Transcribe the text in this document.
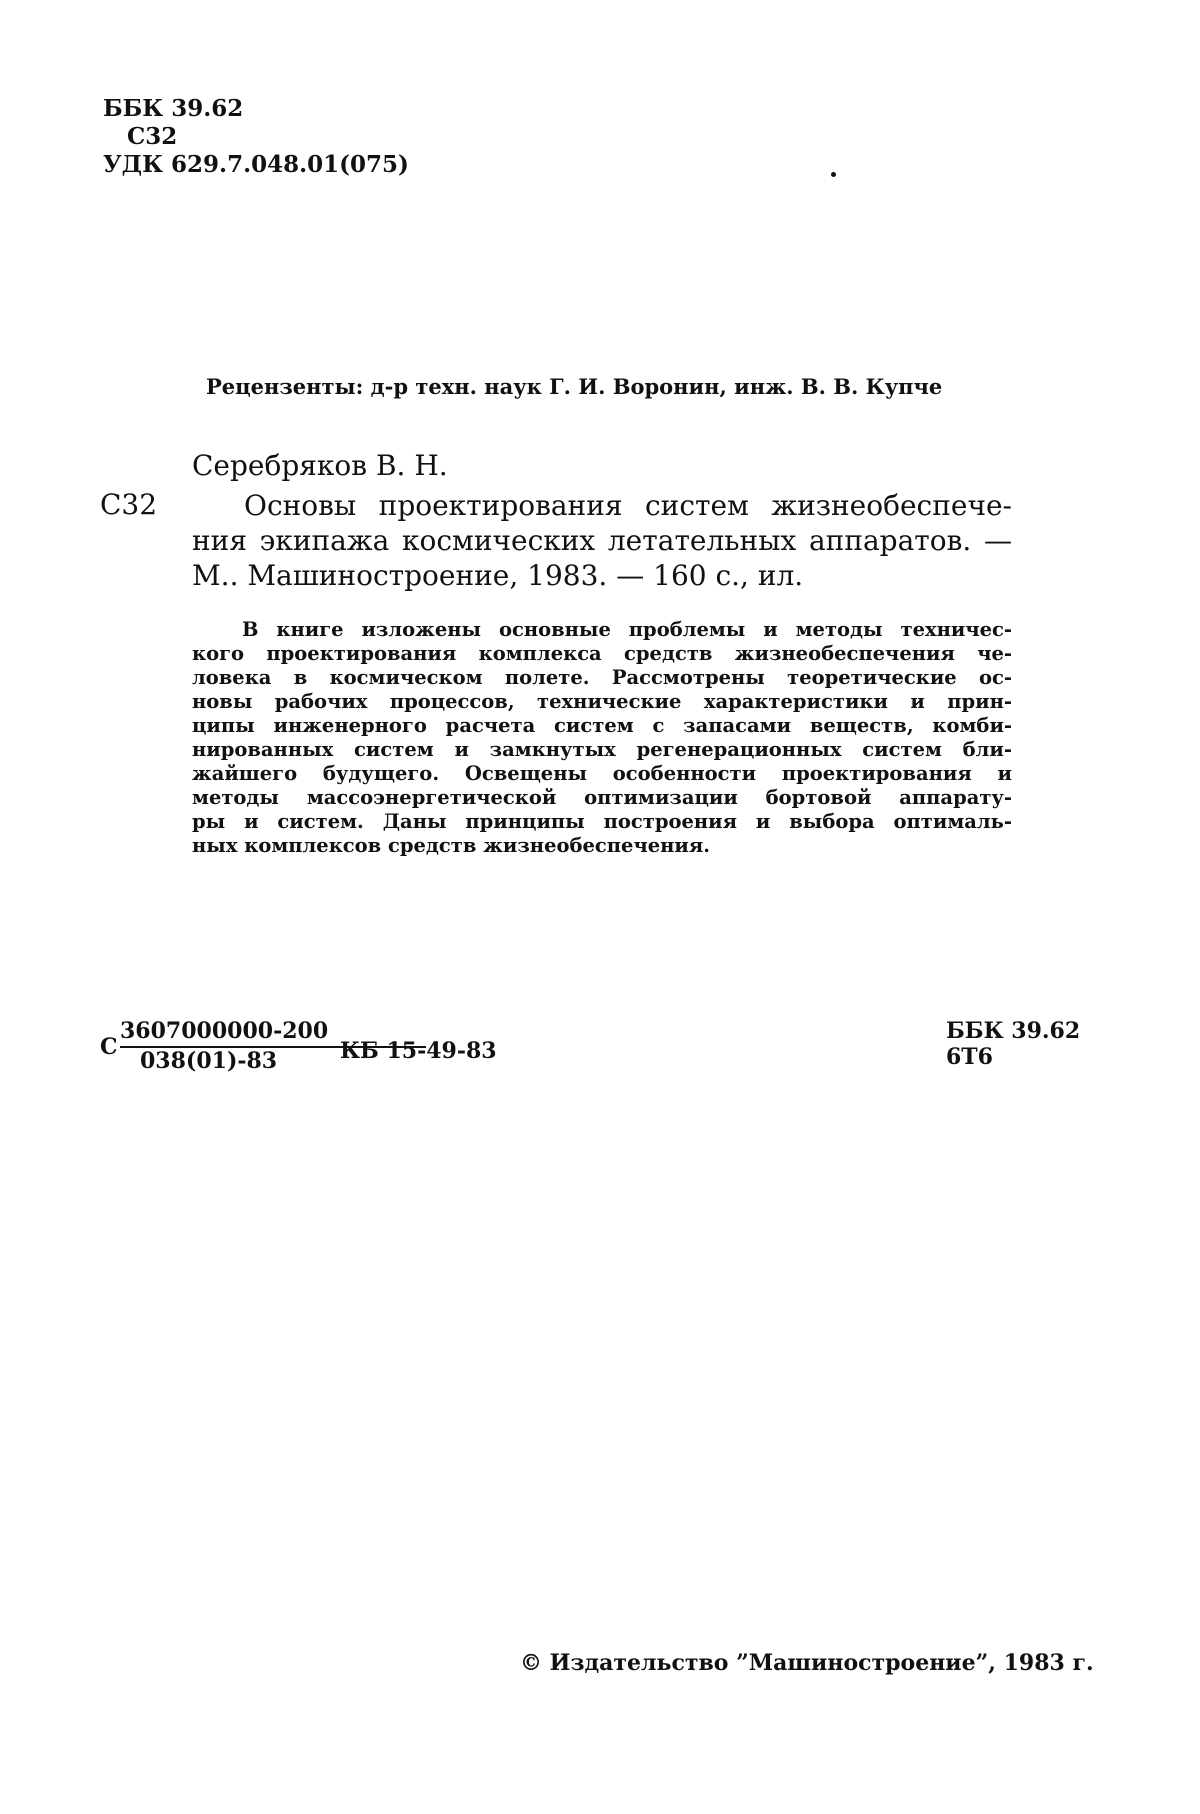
ББК 39.62
С32
УДК 629.7.048.01(075)
Рецензенты: д-р техн. наук Г. И. Воронин, инж. В. В. Купче
Серебряков В. Н.
С32	Основы проектирования систем жизнеобеспече-
ния экипажа космических летательных аппаратов. —
М.. Машиностроение, 1983. — 160 с., ил.
В книге изложены основные проблемы и методы техничес-
кого проектирования комплекса средств жизнеобеспечения че-
ловека в космическом полете. Рассмотрены теоретические ос-
новы рабочих процессов, технические характеристики и прин-
ципы инженерного расчета систем с запасами веществ, комби-
нированных систем и замкнутых регенерационных систем бли-
жайшего будущего. Освещены особенности проектирования и
методы массоэнергетической оптимизации бортовой аппарату-
ры и систем. Даны принципы построения и выбора оптималь-
ных комплексов средств жизнеобеспечения.
С
3607000000-200
038(01)-83	КБ 15-49-83
ББК 39.62
6Т6
© Издательство ”Машиностроение”, 1983 г.
